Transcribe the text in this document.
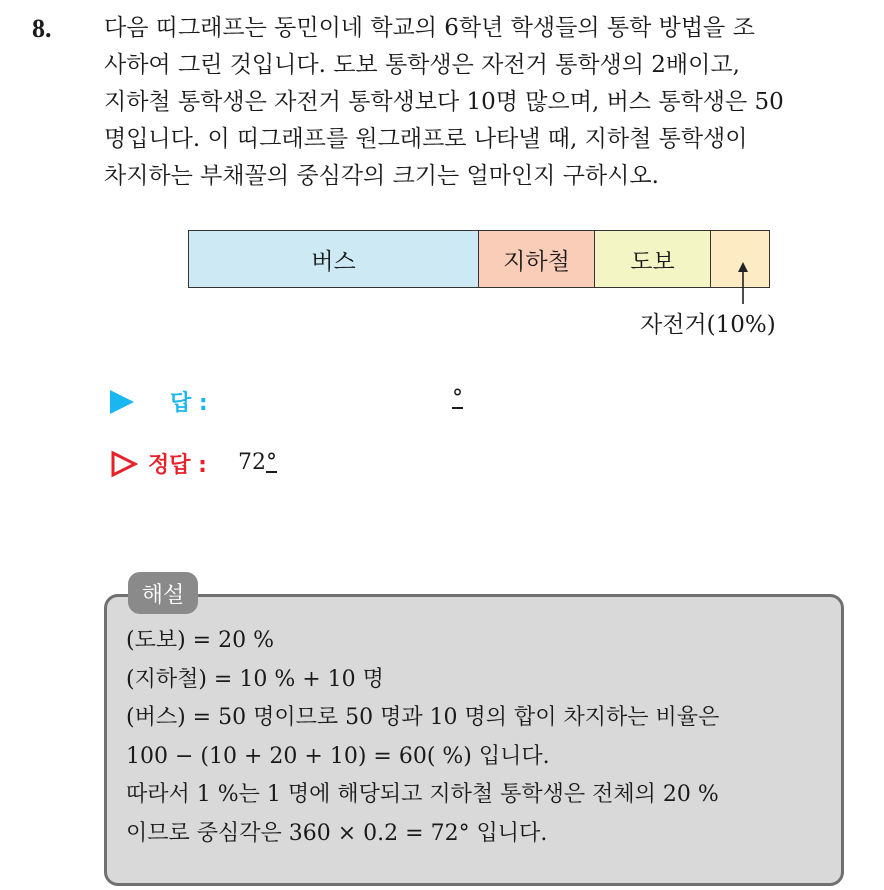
8. 다음 띠그래프는 동민이네 학교의 6학년 학생들의 통학 방법을 조
사하여 그린 것입니다. 도보 통학생은 자전거 통학생의 2배이고,
지하철 통학생은 자전거 통학생보다 10명 많으며, 버스 통학생은 50
명입니다. 이 띠그래프를 원그래프로 나타낼 때, 지하철 통학생이
차지하는 부채꼴의 중심각의 크기는 얼마인지 구하시오.
버스	지하철	도보
자전거(10%)
답 :	°
정답 : 72°
해설
(도보) = 20 %
(지하철) = 10 % + 10 명
(버스) = 50 명이므로 50 명과 10 명의 합이 차지하는 비율은
100 − (10 + 20 + 10) = 60( %) 입니다.
따라서 1 %는 1 명에 해당되고 지하철 통학생은 전체의 20 %
이므로 중심각은 360 × 0.2 = 72° 입니다.
